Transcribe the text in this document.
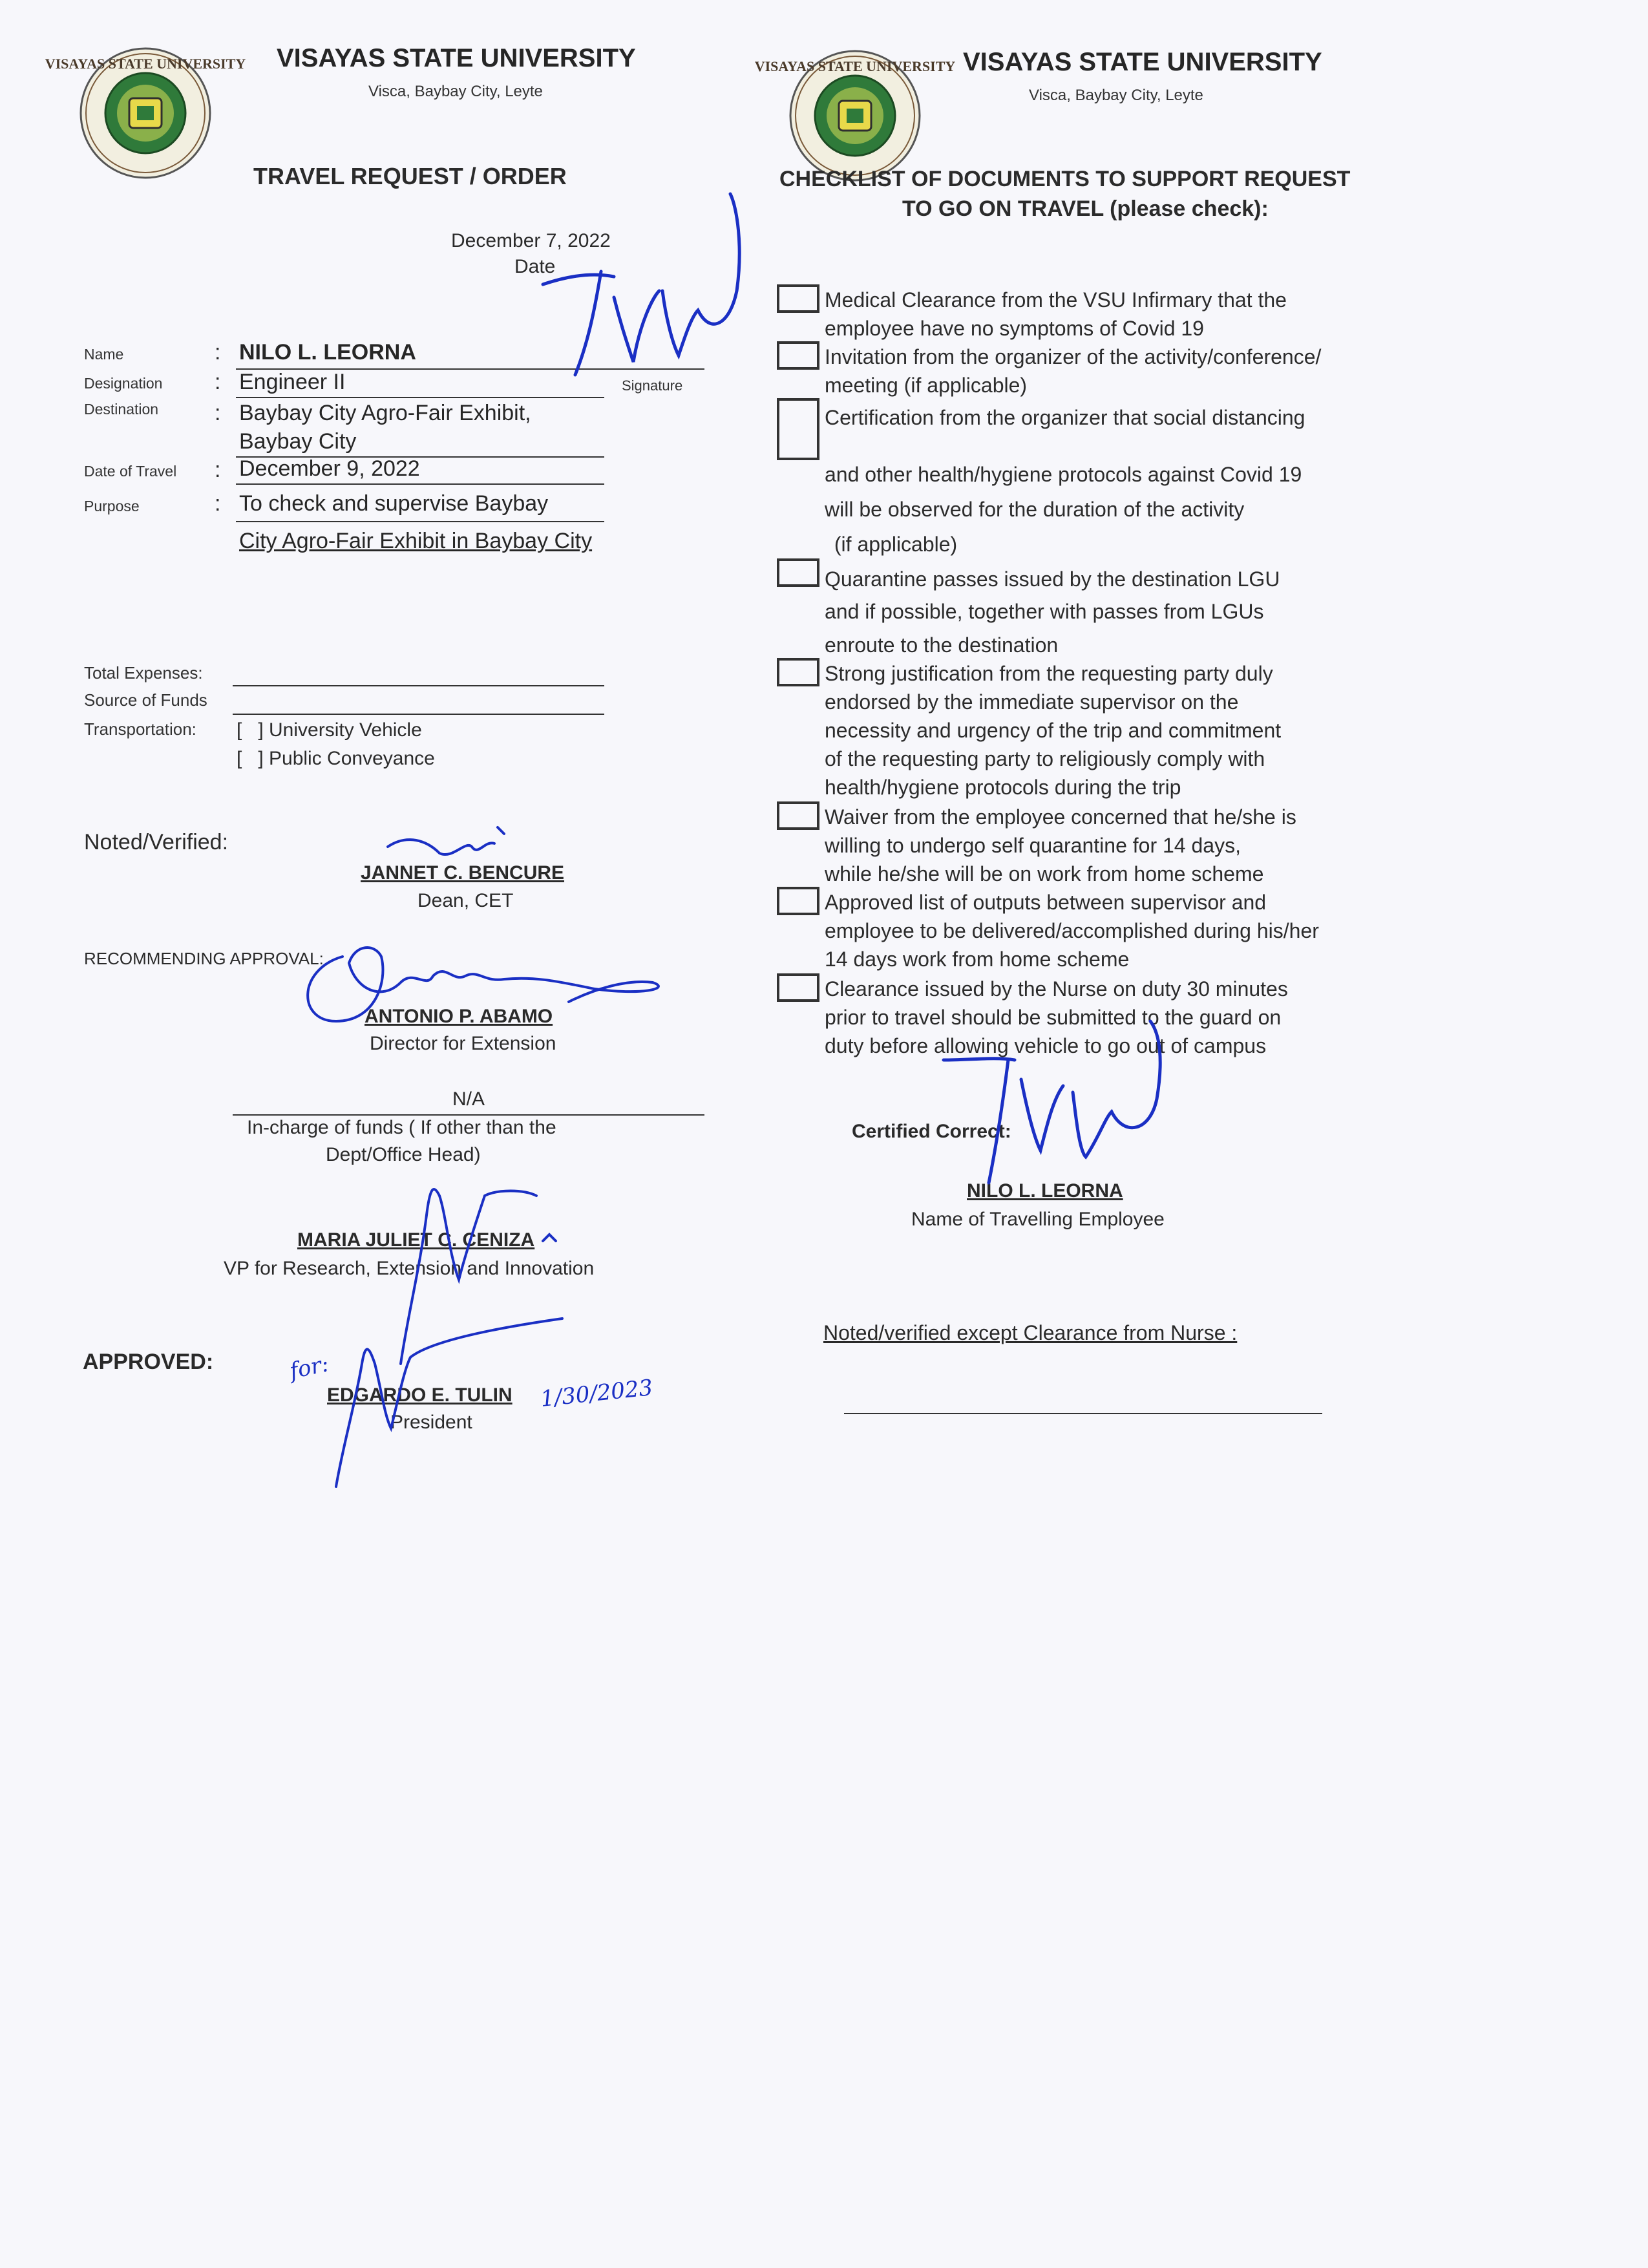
VISAYAS STATE UNIVERSITY VISAYAS STATE UNIVERSITY
Visca, Baybay City, Leyte
TRAVEL REQUEST / ORDER
December 7, 2022
Date
Name	: NILO L. LEORNA
Signature
Designation : Engineer II
Destination	: Baybay City Agro-Fair Exhibit,
Baybay City
Date of Travel : December 9, 2022
Purpose	: To check and supervise Baybay
City Agro-Fair Exhibit in Baybay City
Total Expenses:
Source of Funds
Transportation: [   ] University Vehicle
[   ] Public Conveyance
Noted/Verified:
JANNET C. BENCURE
Dean, CET
RECOMMENDING APPROVAL:
ANTONIO P. ABAMO
Director for Extension
N/A
In-charge of funds ( If other than the
Dept/Office Head)
MARIA JULIET C. CENIZA
VP for Research, Extension and Innovation
APPROVED:
EDGARDO E. TULIN
President
VISAYAS STATE UNIVERSITY VISAYAS STATE UNIVERSITY
Visca, Baybay City, Leyte
CHECKLIST OF DOCUMENTS TO SUPPORT REQUEST
TO GO ON TRAVEL (please check):
Medical Clearance from the VSU Infirmary that the
employee have no symptoms of Covid 19
Invitation from the organizer of the activity/conference/
meeting (if applicable)
Certification from the organizer that social distancing
and other health/hygiene protocols against Covid 19
will be observed for the duration of the activity
(if applicable)
Quarantine passes issued by the destination LGU
and if possible, together with passes from LGUs
enroute to the destination
Strong justification from the requesting party duly
endorsed by the immediate supervisor on the
necessity and urgency of the trip and commitment
of the requesting party to religiously comply with
health/hygiene protocols during the trip
Waiver from the employee concerned that he/she is
willing to undergo self quarantine for 14 days,
while he/she will be on work from home scheme
Approved list of outputs between supervisor and
employee to be delivered/accomplished during his/her
14 days work from home scheme
Clearance issued by the Nurse on duty 30 minutes
prior to travel should be submitted to the guard on
duty before allowing vehicle to go out of campus
Certified Correct:
NILO L. LEORNA
Name of Travelling Employee
Noted/verified except Clearance from Nurse :
for:
1/30/2023
